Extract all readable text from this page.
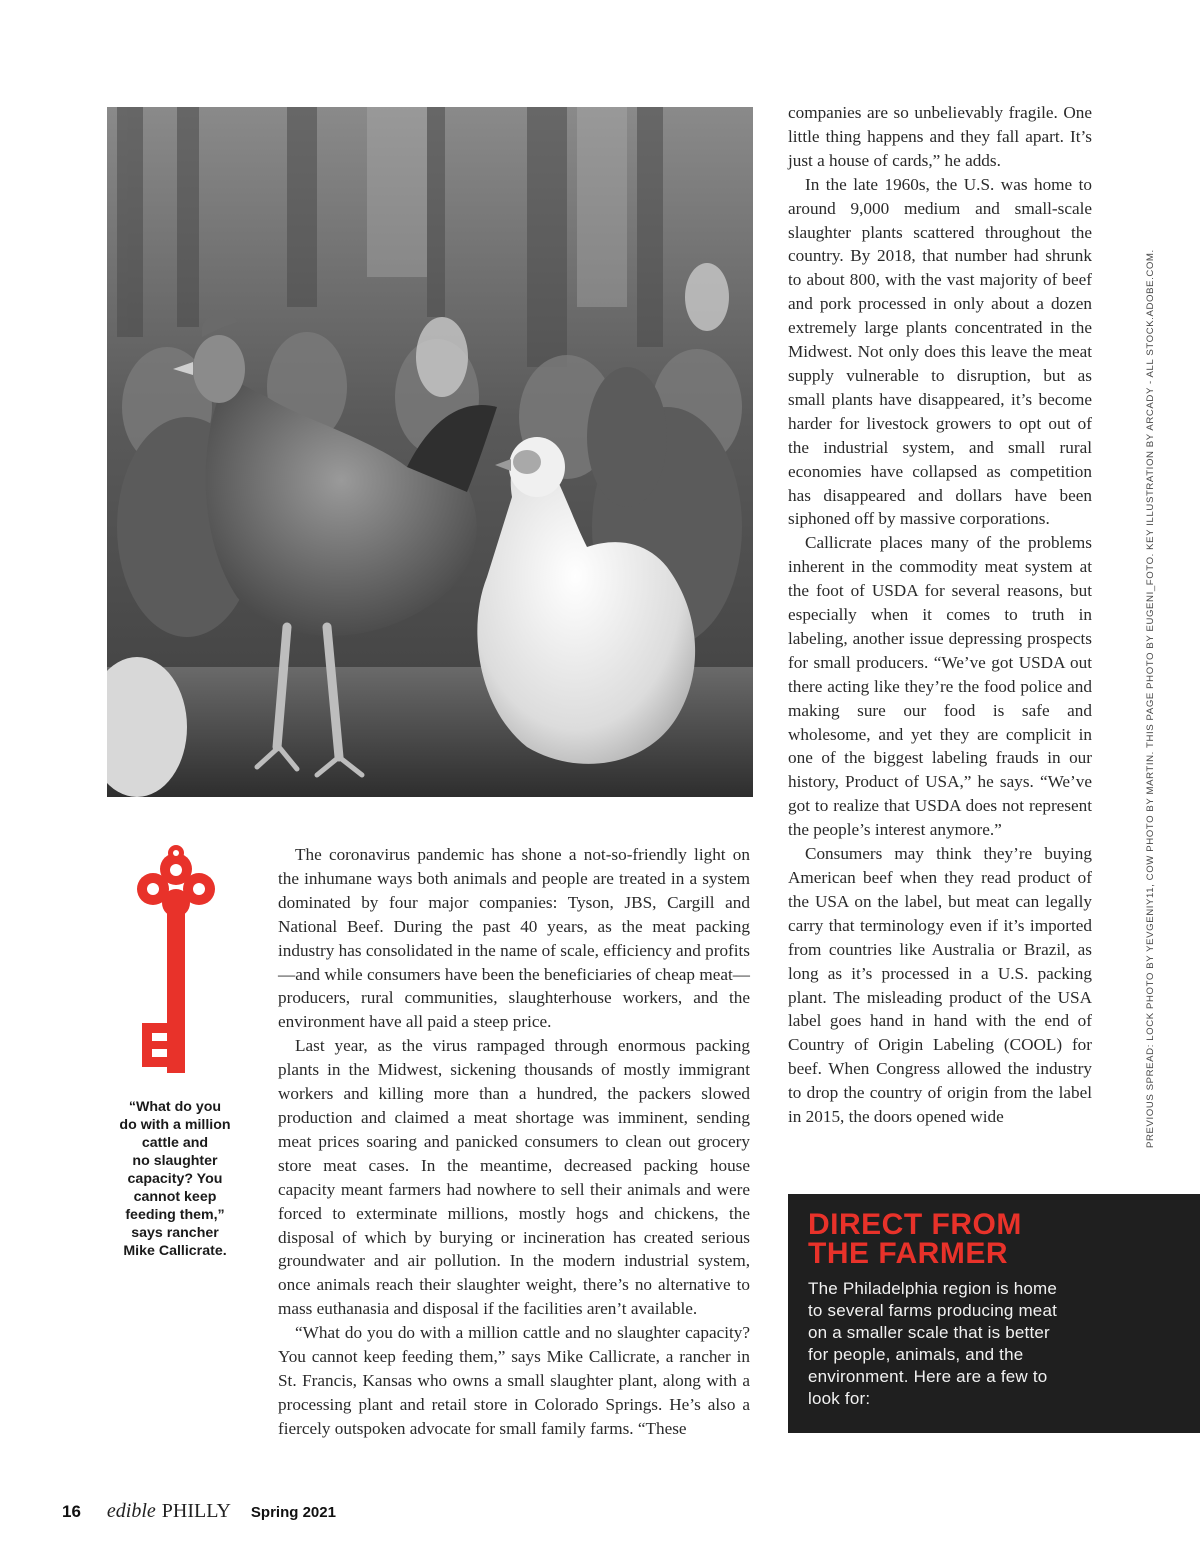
“What do you
do with a million
cattle and
no slaughter
capacity? You
cannot keep
feeding them,”
says rancher
Mike Callicrate.

The coronavirus pandemic has shone a not-so-friendly light on the inhumane ways both animals and people are treated in a system dominated by four major companies: Tyson, JBS, Cargill and National Beef. During the past 40 years, as the meat packing industry has consolidated in the name of scale, efficiency and profits—and while consumers have been the beneficiaries of cheap meat—producers, rural communities, slaughterhouse workers, and the environment have all paid a steep price.

Last year, as the virus rampaged through enormous packing plants in the Midwest, sickening thousands of mostly immigrant workers and killing more than a hundred, the packers slowed production and claimed a meat shortage was imminent, sending meat prices soaring and panicked consumers to clean out grocery store meat cases. In the meantime, decreased packing house capacity meant farmers had nowhere to sell their animals and were forced to exterminate millions, mostly hogs and chickens, the disposal of which by burying or incineration has created serious groundwater and air pollution. In the modern industrial system, once animals reach their slaughter weight, there’s no alternative to mass euthanasia and disposal if the facilities aren’t available.

“What do you do with a million cattle and no slaughter capacity? You cannot keep feeding them,” says Mike Callicrate, a rancher in St. Francis, Kansas who owns a small slaughter plant, along with a processing plant and retail store in Colorado Springs. He’s also a fiercely outspoken advocate for small family farms. “These

companies are so unbelievably fragile. One little thing happens and they fall apart. It’s just a house of cards,” he adds.

In the late 1960s, the U.S. was home to around 9,000 medium and small-scale slaughter plants scattered throughout the country. By 2018, that number had shrunk to about 800, with the vast majority of beef and pork processed in only about a dozen extremely large plants concentrated in the Midwest. Not only does this leave the meat supply vulnerable to disruption, but as small plants have disappeared, it’s become harder for livestock growers to opt out of the industrial system, and small rural economies have collapsed as competition has disappeared and dollars have been siphoned off by massive corporations.

Callicrate places many of the problems inherent in the commodity meat system at the foot of USDA for several reasons, but especially when it comes to truth in labeling, another issue depressing prospects for small producers. “We’ve got USDA out there acting like they’re the food police and making sure our food is safe and wholesome, and yet they are complicit in one of the biggest labeling frauds in our history, Product of USA,” he says. “We’ve got to realize that USDA does not represent the people’s interest anymore.”

Consumers may think they’re buying American beef when they read product of the USA on the label, but meat can legally carry that terminology even if it’s imported from countries like Australia or Brazil, as long as it’s processed in a U.S. packing plant. The misleading product of the USA label goes hand in hand with the end of Country of Origin Labeling (COOL) for beef. When Congress allowed the industry to drop the country of origin from the label in 2015, the doors opened wide	PREVIOUS SPREAD: LOCK PHOTO BY YEVGENIY11, COW PHOTO BY MARTIN. THIS PAGE PHOTO BY EUGENI_FOTO. KEY ILLUSTRATION BY ARCADY - ALL STOCK.ADOBE.COM.
DIRECT FROM
THE FARMER
The Philadelphia region is home
to several farms producing meat
on a smaller scale that is better
for people, animals, and the
environment. Here are a few to
look for:
16 edible PHILLY Spring 2021
